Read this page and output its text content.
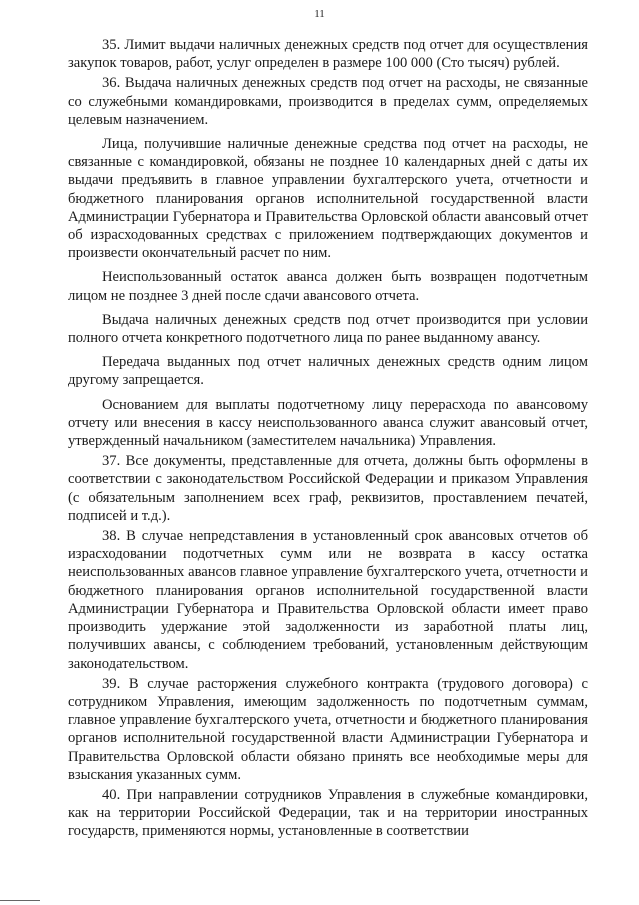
11

35. Лимит выдачи наличных денежных средств под отчет для осуществления закупок товаров, работ, услуг определен в размере 100 000 (Сто тысяч) рублей.

36. Выдача наличных денежных средств под отчет на расходы, не связанные со служебными командировками, производится в пределах сумм, определяемых целевым назначением.

Лица, получившие наличные денежные средства под отчет на расходы, не связанные с командировкой, обязаны не позднее 10 календарных дней с даты их выдачи предъявить в главное управлении бухгалтерского учета, отчетности и бюджетного планирования органов исполнительной государственной власти Администрации Губернатора и Правительства Орловской области авансовый отчет об израсходованных средствах с приложением подтверждающих документов и произвести окончательный расчет по ним.

Неиспользованный остаток аванса должен быть возвращен подотчетным лицом не позднее 3 дней после сдачи авансового отчета.

Выдача наличных денежных средств под отчет производится при условии полного отчета конкретного подотчетного лица по ранее выданному авансу.

Передача выданных под отчет наличных денежных средств одним лицом другому запрещается.

Основанием для выплаты подотчетному лицу перерасхода по авансовому отчету или внесения в кассу неиспользованного аванса служит авансовый отчет, утвержденный начальником (заместителем начальника) Управления.

37. Все документы, представленные для отчета, должны быть оформлены в соответствии с законодательством Российской Федерации и приказом Управления (с обязательным заполнением всех граф, реквизитов, проставлением печатей, подписей и т.д.).

38. В случае непредставления в установленный срок авансовых отчетов об израсходовании подотчетных сумм или не возврата в кассу остатка неиспользованных авансов главное управление бухгалтерского учета, отчетности и бюджетного планирования органов исполнительной государственной власти Администрации Губернатора и Правительства Орловской области имеет право производить удержание этой задолженности из заработной платы лиц, получивших авансы, с соблюдением требований, установленным действующим законодательством.

39. В случае расторжения служебного контракта (трудового договора) с сотрудником Управления, имеющим задолженность по подотчетным суммам, главное управление бухгалтерского учета, отчетности и бюджетного планирования органов исполнительной государственной власти Администрации Губернатора и Правительства Орловской области обязано принять все необходимые меры для взыскания указанных сумм.

40. При направлении сотрудников Управления в служебные командировки, как на территории Российской Федерации, так и на территории иностранных государств, применяются нормы, установленные в соответствии
